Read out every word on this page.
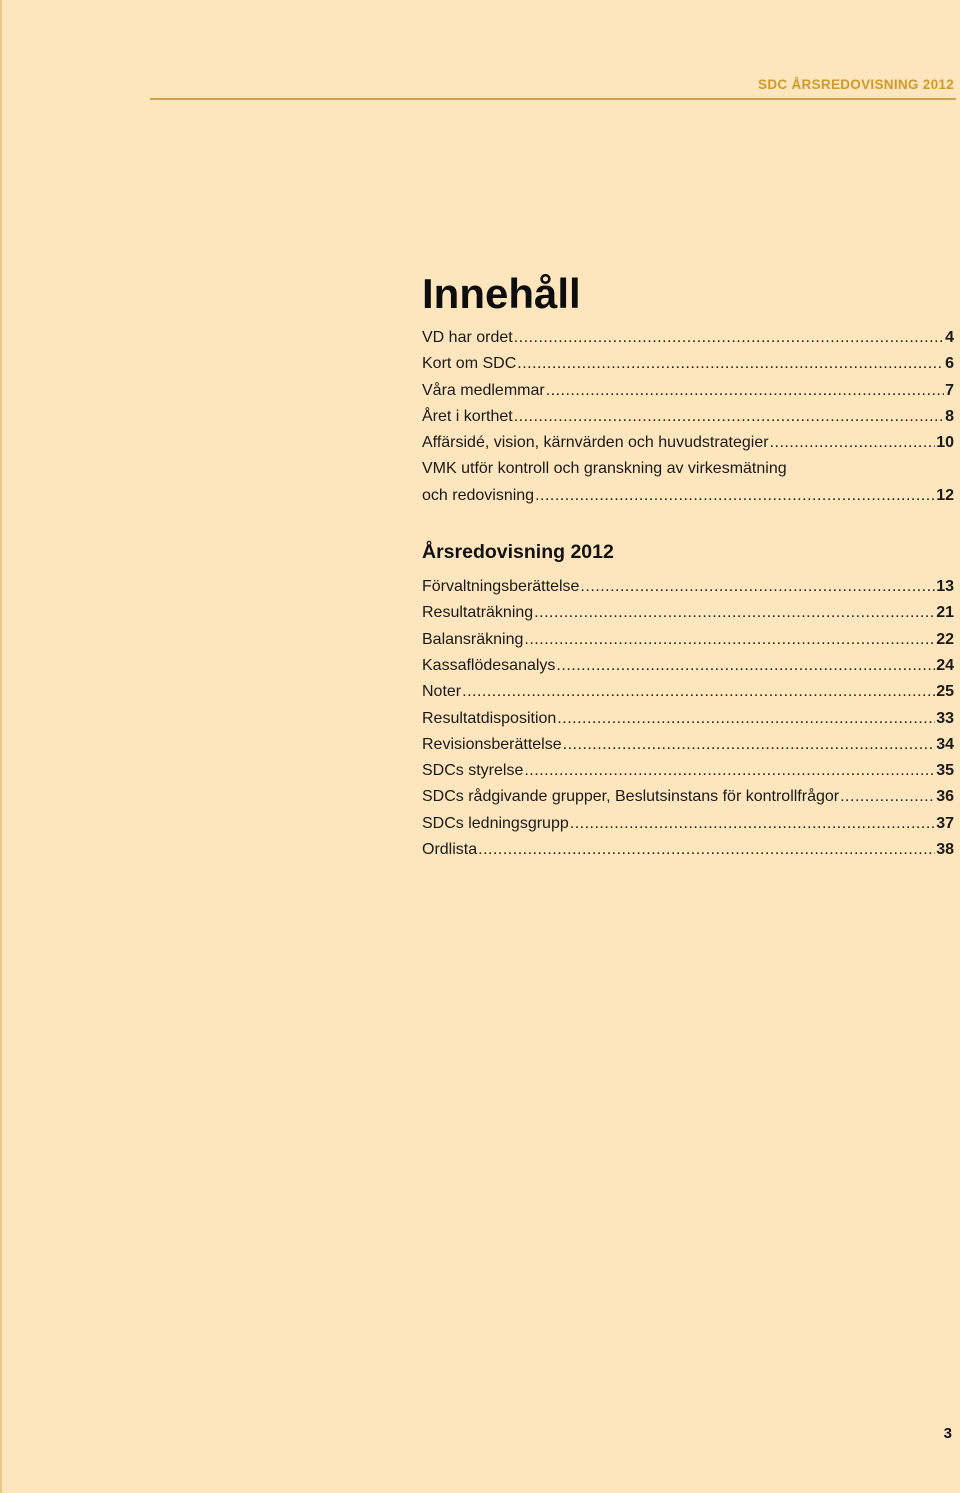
SDC ÅRSREDOVISNING 2012
Innehåll
VD har ordet .....	4
Kort om SDC .....	6
Våra medlemmar .....	7
Året i korthet .....	8
Affärsidé, vision, kärnvärden och huvudstrategier .....	10
VMK utför kontroll och granskning av virkesmätning
och redovisning .....	12
Årsredovisning 2012
Förvaltningsberättelse .....	13
Resultaträkning .....	21
Balansräkning .....	22
Kassaflödesanalys .....	24
Noter .....	25
Resultatdisposition .....	33
Revisionsberättelse .....	34
SDCs styrelse .....	35
SDCs rådgivande grupper, Beslutsinstans för kontrollfrågor .....	36
SDCs ledningsgrupp .....	37
Ordlista .....	38
3
